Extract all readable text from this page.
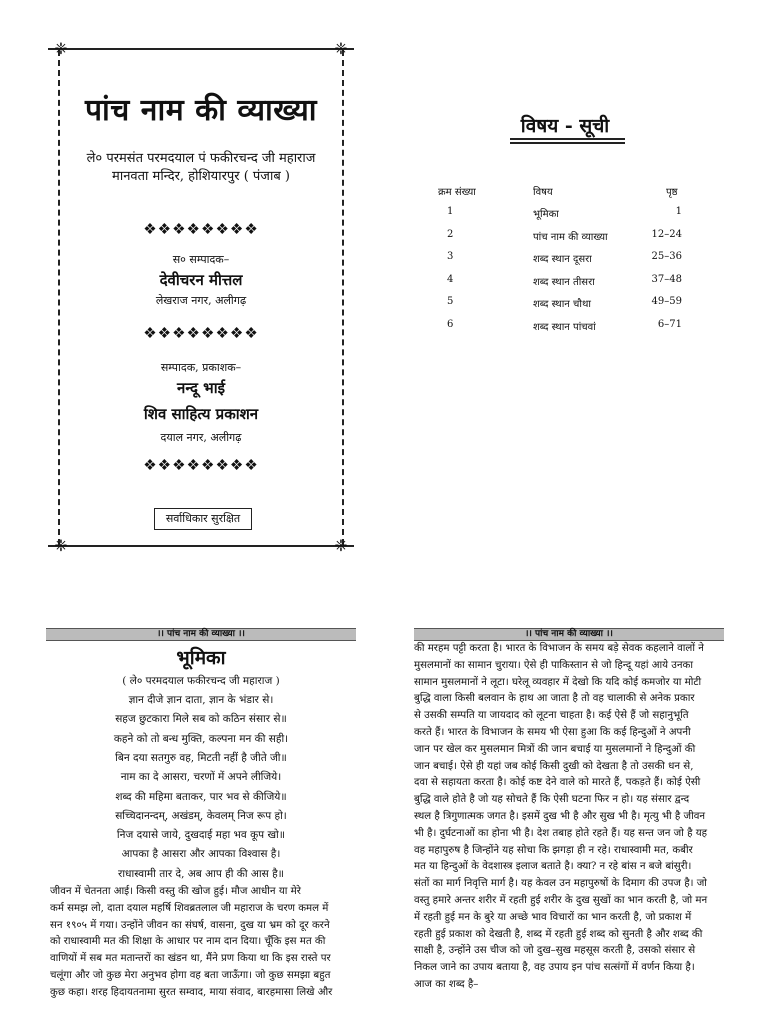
❈	❈
❈	❈
पांच नाम की व्याख्या
ले० परमसंत परमदयाल पं फकीरचन्द जी महाराज
मानवता मन्दिर, होशियारपुर ( पंजाब )
❖❖❖❖❖❖❖❖
स० सम्पादक–
देवीचरन मीत्तल
लेखराज नगर, अलीगढ़
❖❖❖❖❖❖❖❖
सम्पादक, प्रकाशक–
नन्दू भाई
शिव साहित्य प्रकाशन
दयाल नगर, अलीगढ़
❖❖❖❖❖❖❖❖
सर्वाधिकार सुरक्षित
विषय - सूची
क्रम संख्या	विषय	पृष्ठ
1	भूमिका	1
2	पांच नाम की व्याख्या	12–24
3	शब्द स्थान दूसरा	25–36
4	शब्द स्थान तीसरा	37–48
5	शब्द स्थान चौथा	49–59
6	शब्द स्थान पांचवां	6–71
।। पांच नाम की व्याख्या ।।
भूमिका
( ले० परमदयाल फकीरचन्द जी महाराज )
ज्ञान दीजे ज्ञान दाता, ज्ञान के भंडार से।
सहज छुटकारा मिले सब को कठिन संसार से॥
कहने को तो बन्ध मुक्ति, कल्पना मन की सही।
बिन दया सतगुरु वह, मिटती नहीं है जीते जी॥
नाम का दे आसरा, चरणों में अपने लीजिये।
शब्द की महिमा बताकर, पार भव से कीजिये॥
सच्चिदानन्दम्, अखंडम्, केवलम् निज रूप हो।
निज दयासे जाये, दुखदाई महा भव कूप खो॥
आपका है आसरा और आपका विश्वास है।
राधास्वामी तार दे, अब आप ही की आस है॥

जीवन में चेतनता आई। किसी वस्तु की खोज हुई। मौज आधीन या मेरे

कर्म समझ लो, दाता दयाल महर्षि शिवब्रतलाल जी महाराज के चरण कमल में

सन १९०५ में गया। उन्होंने जीवन का संघर्ष, वासना, दुख या भ्रम को दूर करने

को राधास्वामी मत की शिक्षा के आधार पर नाम दान दिया। चूँकि इस मत की

वाणियों में सब मत मतान्तरों का खंडन था, मैंने प्रण किया था कि इस रास्ते पर

चलूंगा और जो कुछ मेरा अनुभव होगा वह बता जाऊँगा। जो कुछ समझा बहुत

कुछ कहा। शरह हिदायतनामा सुरत सम्वाद, माया संवाद, बारहमासा लिखे और

।। पांच नाम की व्याख्या ।।

की मरहम पट्टी करता है। भारत के विभाजन के समय बड़े सेवक कहलाने वालों ने

मुसलमानों का सामान चुराया। ऐसे ही पाकिस्तान से जो हिन्दू यहां आये उनका

सामान मुसलमानों ने लूटा। घरेलू व्यवहार में देखो कि यदि कोई कमजोर या मोटी

बुद्धि वाला किसी बलवान के हाथ आ जाता है तो वह चालाकी से अनेक प्रकार

से उसकी सम्पति या जायदाद को लूटना चाहता है। कई ऐसे हैं जो सहानुभूति

करते हैं। भारत के विभाजन के समय भी ऐसा हुआ कि कई हिन्दुओं ने अपनी

जान पर खेल कर मुसलमान मित्रों की जान बचाई या मुसलमानों ने हिन्दुओं की

जान बचाई। ऐसे ही यहां जब कोई किसी दुखी को देखता है तो उसकी धन से,

दवा से सहायता करता है। कोई कष्ट देने वाले को मारते हैं, पकड़ते हैं। कोई ऐसी

बुद्धि वाले होते है जो यह सोचते हैं कि ऐसी घटना फिर न हो। यह संसार द्वन्द

स्थल है त्रिगुणात्मक जगत है। इसमें दुख भी है और सुख भी है। मृत्यु भी है जीवन

भी है। दुर्घटनाओं का होना भी है। देश तबाह होते रहते हैं। यह सन्त जन जो है यह

वह महापुरुष है जिन्होंने यह सोचा कि झगड़ा ही न रहे। राधास्वामी मत, कबीर

मत या हिन्दुओं के वेदशास्त्र इलाज बताते है। क्या? न रहे बांस न बजे बांसुरी।

संतों का मार्ग निवृत्ति मार्ग है। यह केवल उन महापुरुषों के दिमाग की उपज है। जो

वस्तु हमारे अन्तर शरीर में रहती हुई शरीर के दुख सुखों का भान करती है, जो मन

में रहती हुई मन के बुरे या अच्छे भाव विचारों का भान करती है, जो प्रकाश में

रहती हुई प्रकाश को देखती है, शब्द में रहती हुई शब्द को सुनती है और शब्द की

साक्षी है, उन्होंने उस चीज को जो दुख–सुख महसूस करती है, उसको संसार से

निकल जाने का उपाय बताया है, वह उपाय इन पांच सत्संगों में वर्णन किया है।

आज का शब्द है–
